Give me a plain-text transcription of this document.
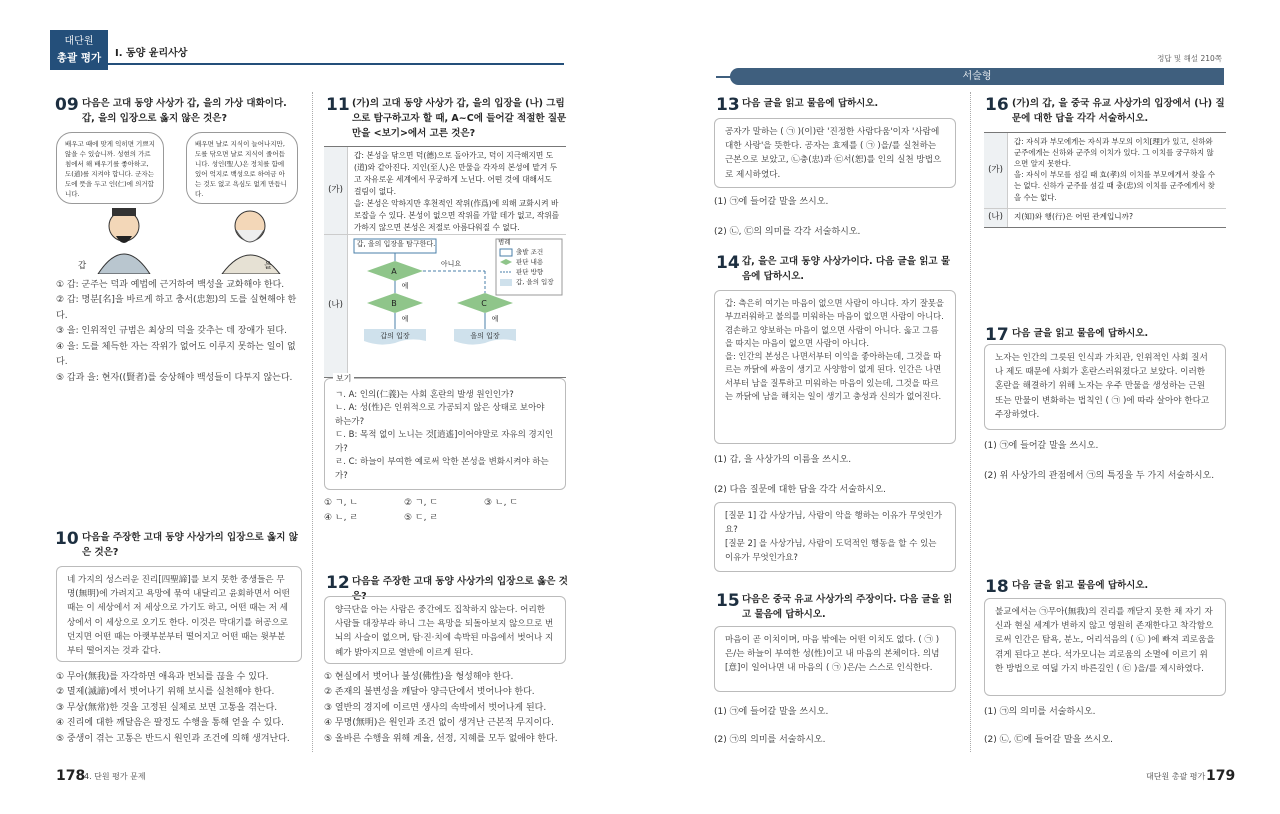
대단원
총괄 평가	Ⅰ. 동양 윤리사상	정답 및 해설 210쪽
서술형
09 다음은 고대 동양 사상가 갑, 을의 가상 대화이다. 갑, 을의 입장으로 옳지 않은 것은?
배우고 때에 맞게 익히면 기쁘지 않을 수 있습니까. 성현의 가르침에서 해 배우기를 좋아하고, 도(道)를 지켜야 합니다. 군자는 도에 뜻을 두고 인(仁)에 의거합니다.
배우면 날로 지식이 늘어나지만, 도를 닦으면 날로 지식이 줄어듭니다. 성인(聖人)은 정치를 함에 있어 억지로 백성으로 하여금 아는 것도 없고 욕심도 없게 만듭니다.
갑	을
① 갑: 군주는 덕과 예법에 근거하여 백성을 교화해야 한다.
② 갑: 명분[名]을 바르게 하고 충서(忠恕)의 도를 실현해야 한다.
③ 을: 인위적인 규범은 최상의 덕을 갖추는 데 장애가 된다.
④ 을: 도를 체득한 자는 작위가 없어도 이루지 못하는 일이 없다.
⑤ 갑과 을: 현자((賢者)를 숭상해야 백성들이 다투지 않는다.
10 다음을 주장한 고대 동양 사상가의 입장으로 옳지 않은 것은?
네 가지의 성스러운 진리[四聖諦]를 보지 못한 중생들은 무명(無明)에 가려지고 욕망에 묶여 내달리고 윤회하면서 어떤 때는 이 세상에서 저 세상으로 가기도 하고, 어떤 때는 저 세상에서 이 세상으로 오기도 한다. 이것은 막대기를 허공으로 던지면 어떤 때는 아랫부분부터 떨어지고 어떤 때는 윗부분부터 떨어지는 것과 같다.
① 무아(無我)를 자각하면 애욕과 번뇌를 끊을 수 있다.
② 멸제(滅諦)에서 벗어나기 위해 보시를 실천해야 한다.
③ 무상(無常)한 것을 고정된 실체로 보면 고통을 겪는다.
④ 진리에 대한 깨달음은 팔정도 수행을 통해 얻을 수 있다.
⑤ 중생이 겪는 고통은 반드시 원인과 조건에 의해 생겨난다.
11 (가)의 고대 동양 사상가 갑, 을의 입장을 (나) 그림으로 탐구하고자 할 때, A~C에 들어갈 적절한 질문만을 <보기>에서 고른 것은?
(가)
갑: 본성을 닦으면 덕(德)으로 돌아가고, 덕이 지극해지면 도(道)와 같아진다. 지인(至人)은 만물을 각자의 본성에 맡겨 두고 자유로운 세계에서 무궁하게 노닌다. 어떤 것에 대해서도 걸림이 없다.
을: 본성은 악하지만 후천적인 작위(作爲)에 의해 교화시켜 바로잡을 수 있다. 본성이 없으면 작위를 가할 데가 없고, 작위를 가하지 않으면 본성은 저절로 아름다워질 수 없다.
(나)
갑, 을의 입장을 탐구한다.
A
B	C
아니요
예
예	예
갑의 입장	을의 입장
범례
출발 조건
판단 내용
판단 방향
갑, 을의 입장
보기
ㄱ. A: 인의(仁義)는 사회 혼란의 발생 원인인가?
ㄴ. A: 성(性)은 인위적으로 가공되지 않은 상태로 보아야 하는가?
ㄷ. B: 목적 없이 노니는 것[逍遙]이어야말로 자유의 경지인가?
ㄹ. C: 하늘이 부여한 예로써 악한 본성을 변화시켜야 하는가?
① ㄱ, ㄴ	② ㄱ, ㄷ	③ ㄴ, ㄷ
④ ㄴ, ㄹ	⑤ ㄷ, ㄹ
12 다음을 주장한 고대 동양 사상가의 입장으로 옳은 것은?
양극단을 아는 사람은 중간에도 집착하지 않는다. 어리한 사람들 대장부라 하니 그는 욕망을 되돌아보지 않으므로 번뇌의 사슬이 없으며, 탐·진·치에 속박된 마음에서 벗어나 지혜가 밝아지므로 열반에 이르게 된다.
① 현실에서 벗어나 불성(佛性)을 형성해야 한다.
② 존재의 불변성을 깨달아 양극단에서 벗어나야 한다.
③ 열반의 경지에 이르면 생사의 속박에서 벗어나게 된다.
④ 무명(無明)은 원인과 조건 없이 생겨난 근본적 무지이다.
⑤ 올바른 수행을 위해 계율, 선정, 지혜를 모두 없애야 한다.
13 다음 글을 읽고 물음에 답하시오.
공자가 말하는 ( ㉠ )(이)란 '진정한 사람다움'이자 '사람에 대한 사랑'을 뜻한다. 공자는 효제를 ( ㉠ )을/를 실천하는 근본으로 보았고, ㉡충(忠)과 ㉢서(恕)를 인의 실천 방법으로 제시하였다.
(1) ㉠에 들어갈 말을 쓰시오.
(2) ㉡, ㉢의 의미를 각각 서술하시오.
14 갑, 을은 고대 동양 사상가이다. 다음 글을 읽고 물음에 답하시오.
갑: 측은히 여기는 마음이 없으면 사람이 아니다. 자기 잘못을 부끄러워하고 불의를 미워하는 마음이 없으면 사람이 아니다. 겸손하고 양보하는 마음이 없으면 사람이 아니다. 옳고 그름을 따지는 마음이 없으면 사람이 아니다.
을: 인간의 본성은 나면서부터 이익을 좋아하는데, 그것을 따르는 까닭에 싸움이 생기고 사양함이 없게 된다. 인간은 나면서부터 남을 질투하고 미워하는 마음이 있는데, 그것을 따르는 까닭에 남을 해치는 일이 생기고 충성과 신의가 없어진다.
(1) 갑, 을 사상가의 이름을 쓰시오.
(2) 다음 질문에 대한 답을 각각 서술하시오.
[질문 1] 갑 사상가님, 사람이 악을 행하는 이유가 무엇인가요?
[질문 2] 을 사상가님, 사람이 도덕적인 행동을 할 수 있는 이유가 무엇인가요?
15 다음은 중국 유교 사상가의 주장이다. 다음 글을 읽고 물음에 답하시오.
마음이 곧 이치이며, 마음 밖에는 어떤 이치도 없다. ( ㉠ )은/는 하늘이 부여한 성(性)이고 내 마음의 본체이다. 의념[意]이 일어나면 내 마음의 ( ㉠ )은/는 스스로 인식한다.
(1) ㉠에 들어갈 말을 쓰시오.
(2) ㉠의 의미를 서술하시오.
16 (가)의 갑, 을 중국 유교 사상가의 입장에서 (나) 질문에 대한 답을 각각 서술하시오.
(가)
갑: 자식과 부모에게는 자식과 부모의 이치[理]가 있고, 신하와 군주에게는 신하와 군주의 이치가 있다. 그 이치를 궁구하지 않으면 알지 못한다.
을: 자식이 부모를 섬길 때 효(孝)의 이치를 부모에게서 찾을 수는 없다. 신하가 군주를 섬길 때 충(忠)의 이치를 군주에게서 찾을 수는 없다.
(나)	지(知)와 행(行)은 어떤 관계입니까?
17 다음 글을 읽고 물음에 답하시오.
노자는 인간의 그릇된 인식과 가치관, 인위적인 사회 질서나 제도 때문에 사회가 혼란스러워졌다고 보았다. 이러한 혼란을 해결하기 위해 노자는 우주 만물을 생성하는 근원 또는 만물이 변화하는 법칙인 ( ㉠ )에 따라 살아야 한다고 주장하였다.
(1) ㉠에 들어갈 말을 쓰시오.
(2) 위 사상가의 관점에서 ㉠의 특징을 두 가지 서술하시오.
18 다음 글을 읽고 물음에 답하시오.
불교에서는 ㉠무아(無我)의 진리를 깨닫지 못한 채 자기 자신과 현실 세계가 변하지 않고 영원히 존재한다고 착각함으로써 인간은 탐욕, 분노, 어리석음의 ( ㉡ )에 빠져 괴로움을 겪게 된다고 본다. 석가모니는 괴로움의 소멸에 이르기 위한 방법으로 여덟 가지 바른길인 ( ㉢ )을/를 제시하였다.
(1) ㉠의 의미를 서술하시오.
(2) ㉡, ㉢에 들어갈 말을 쓰시오.
178
4. 단원 평가 문제	대단원 총괄 평가 179
